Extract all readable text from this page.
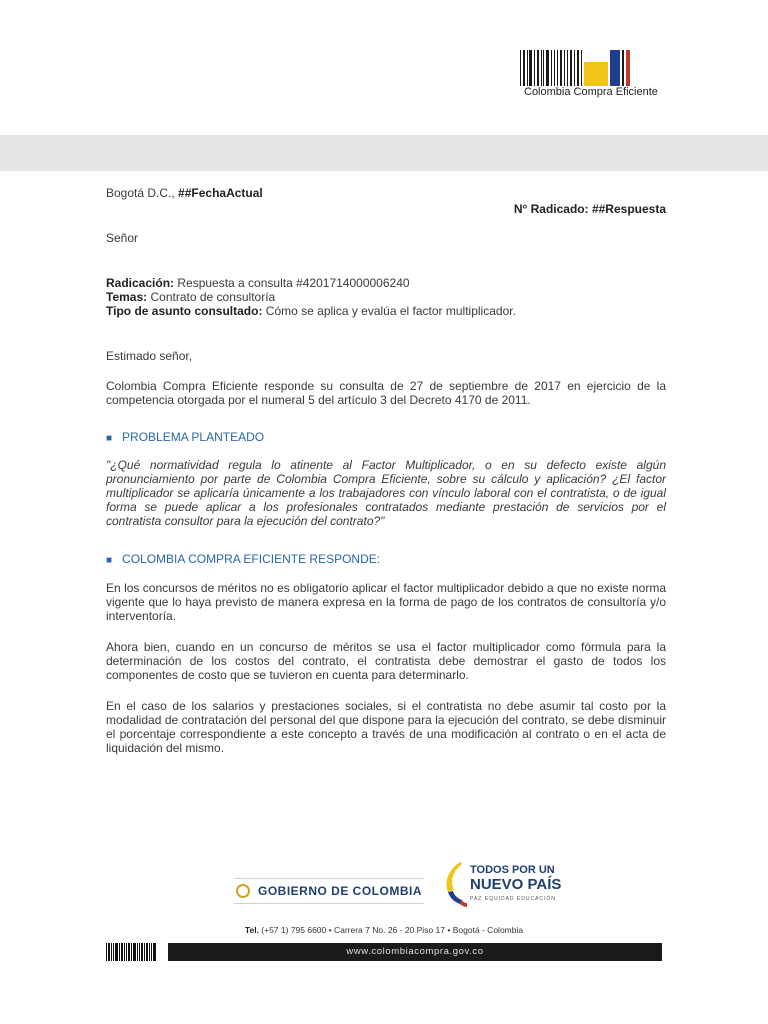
Colombia Compra Eficiente
Bogotá D.C., ##FechaActual
N° Radicado: ##Respuesta
Señor
Radicación: Respuesta a consulta #4201714000006240
Temas: Contrato de consultoría
Tipo de asunto consultado: Cómo se aplica y evalúa el factor multiplicador.
Estimado señor,
Colombia Compra Eficiente responde su consulta de 27 de septiembre de 2017 en ejercicio de la competencia otorgada por el numeral 5 del artículo 3 del Decreto 4170 de 2011.
■ PROBLEMA PLANTEADO
"¿Qué normatividad regula lo atinente al Factor Multiplicador, o en su defecto existe algún pronunciamiento por parte de Colombia Compra Eficiente, sobre su cálculo y aplicación? ¿El factor multiplicador se aplicaría únicamente a los trabajadores con vínculo laboral con el contratista, o de igual forma se puede aplicar a los profesionales contratados mediante prestación de servicios por el contratista consultor para la ejecución del contrato?"
■ COLOMBIA COMPRA EFICIENTE RESPONDE:
En los concursos de méritos no es obligatorio aplicar el factor multiplicador debido a que no existe norma vigente que lo haya previsto de manera expresa en la forma de pago de los contratos de consultoría y/o interventoría.
Ahora bien, cuando en un concurso de méritos se usa el factor multiplicador como fórmula para la determinación de los costos del contrato, el contratista debe demostrar el gasto de todos los componentes de costo que se tuvieron en cuenta para determinarlo.
En el caso de los salarios y prestaciones sociales, si el contratista no debe asumir tal costo por la modalidad de contratación del personal del que dispone para la ejecución del contrato, se debe disminuir el porcentaje correspondiente a este concepto a través de una modificación al contrato o en el acta de liquidación del mismo.
GOBIERNO DE COLOMBIA
TODOS POR UN
NUEVO PAÍS
PAZ EQUIDAD EDUCACIÓN
Tel. (+57 1) 795 6600 • Carrera 7 No. 26 - 20 Piso 17 • Bogotá - Colombia
www.colombiacompra.gov.co
